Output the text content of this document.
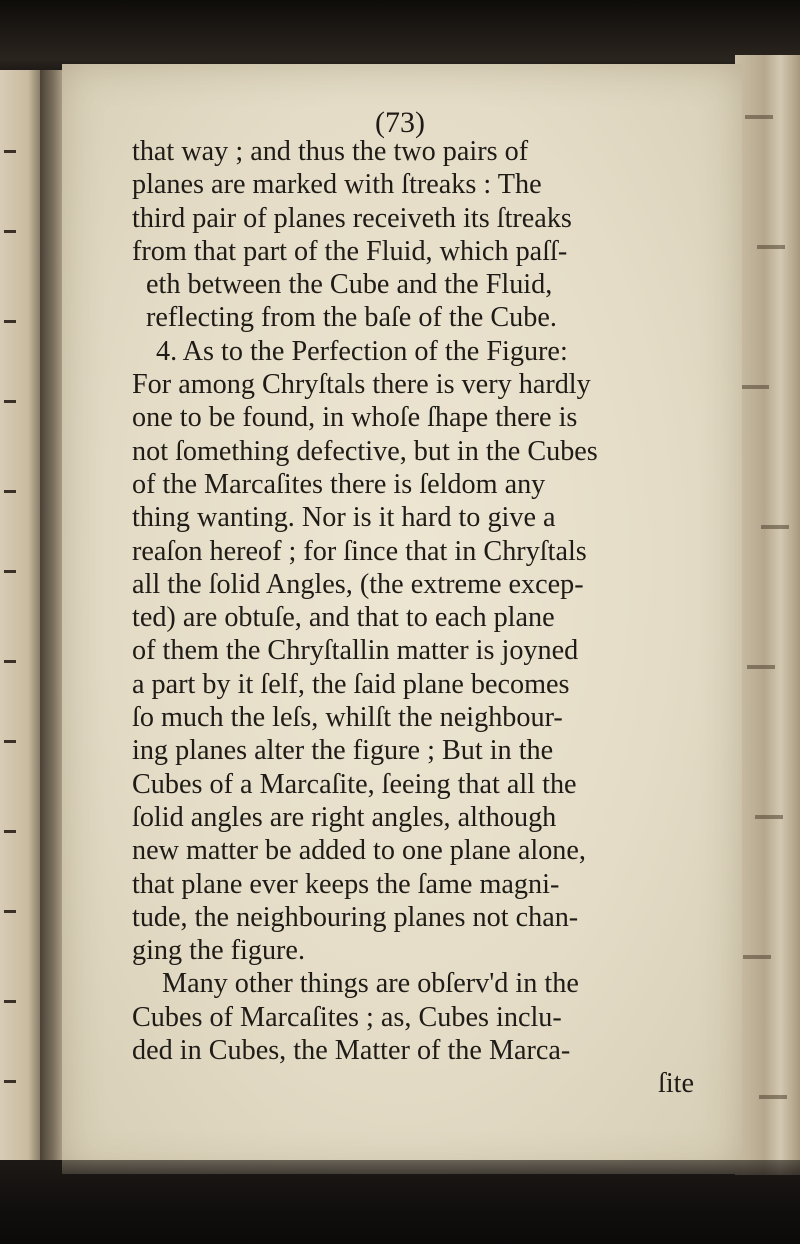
(73)
that way ; and thus the two pairs of
planes are marked with ſtreaks : The
third pair of planes receiveth its ſtreaks
from that part of the Fluid, which paſſ-
eth between the Cube and the Fluid,
reflecting from the baſe of the Cube.
4. As to the Perfection of the Figure:
For among Chryſtals there is very hardly
one to be found, in whoſe ſhape there is
not ſomething defective, but in the Cubes
of the Marcaſites there is ſeldom any
thing wanting. Nor is it hard to give a
reaſon hereof ; for ſince that in Chryſtals
all the ſolid Angles, (the extreme excep-
ted) are obtuſe, and that to each plane
of them the Chryſtallin matter is joyned
a part by it ſelf, the ſaid plane becomes
ſo much the leſs, whilſt the neighbour-
ing planes alter the figure ; But in the
Cubes of a Marcaſite, ſeeing that all the
ſolid angles are right angles, although
new matter be added to one plane alone,
that plane ever keeps the ſame magni-
tude, the neighbouring planes not chan-
ging the figure.
Many other things are obſerv'd in the
Cubes of Marcaſites ; as, Cubes inclu-
ded in Cubes, the Matter of the Marca-
ſite
